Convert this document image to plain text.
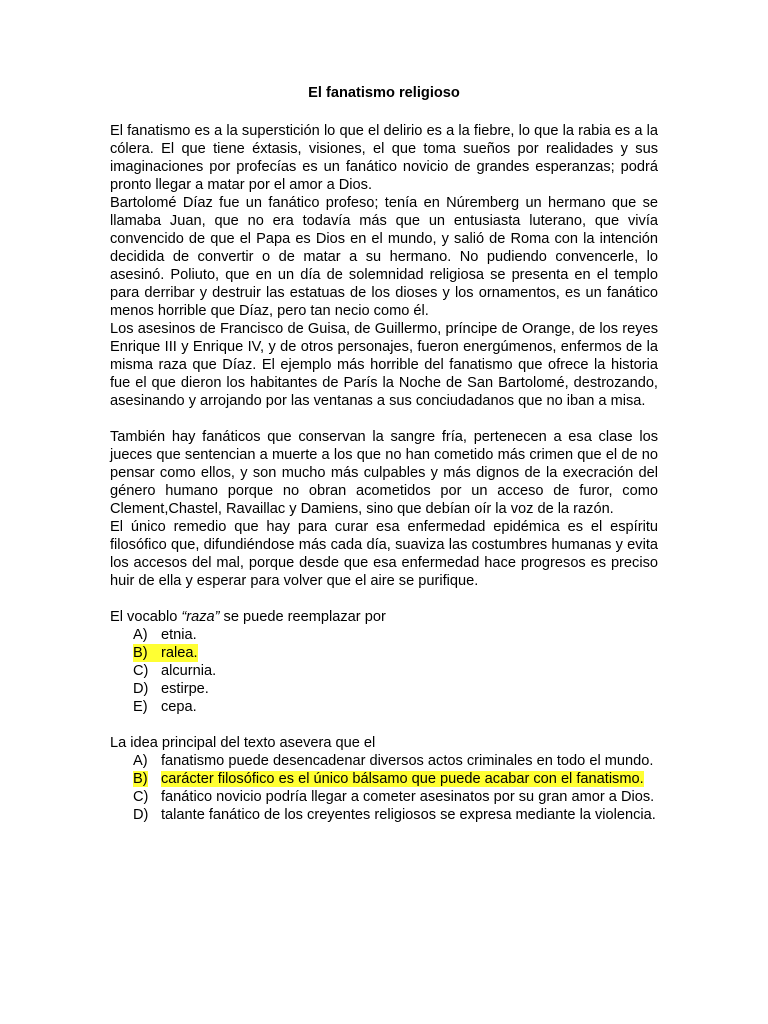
El fanatismo religioso

El fanatismo es a la superstición lo que el delirio es a la fiebre, lo que la rabia es a la cólera. El que tiene éxtasis, visiones, el que toma sueños por realidades y sus imaginaciones por profecías es un fanático novicio de grandes esperanzas; podrá pronto llegar a matar por el amor a Dios.

Bartolomé Díaz fue un fanático profeso; tenía en Núremberg un hermano que se llamaba Juan, que no era todavía más que un entusiasta luterano, que vivía convencido de que el Papa es Dios en el mundo, y salió de Roma con la intención decidida de convertir o de matar a su hermano. No pudiendo convencerle, lo asesinó. Poliuto, que en un día de solemnidad religiosa se presenta en el templo para derribar y destruir las estatuas de los dioses y los ornamentos, es un fanático menos horrible que Díaz, pero tan necio como él.

Los asesinos de Francisco de Guisa, de Guillermo, príncipe de Orange, de los reyes Enrique III y Enrique IV, y de otros personajes, fueron energúmenos, enfermos de la misma raza que Díaz. El ejemplo más horrible del fanatismo que ofrece la historia fue el que dieron los habitantes de París la Noche de San Bartolomé, destrozando, asesinando y arrojando por las ventanas a sus conciudadanos que no iban a misa.

También hay fanáticos que conservan la sangre fría, pertenecen a esa clase los jueces que sentencian a muerte a los que no han cometido más crimen que el de no pensar como ellos, y son mucho más culpables y más dignos de la execración del género humano porque no obran acometidos por un acceso de furor, como Clement,Chastel, Ravaillac y Damiens, sino que debían oír la voz de la razón.

El único remedio que hay para curar esa enfermedad epidémica es el espíritu filosófico que, difundiéndose más cada día, suaviza las costumbres humanas y evita los accesos del mal, porque desde que esa enfermedad hace progresos es preciso huir de ella y esperar para volver que el aire se purifique.

El vocablo “raza” se puede reemplazar por

A) etnia.
B) ralea.
C) alcurnia.
D) estirpe.
E) cepa.

La idea principal del texto asevera que el

A) fanatismo puede desencadenar diversos actos criminales en todo el mundo.
B) carácter filosófico es el único bálsamo que puede acabar con el fanatismo.
C) fanático novicio podría llegar a cometer asesinatos por su gran amor a Dios.
D) talante fanático de los creyentes religiosos se expresa mediante la violencia.
